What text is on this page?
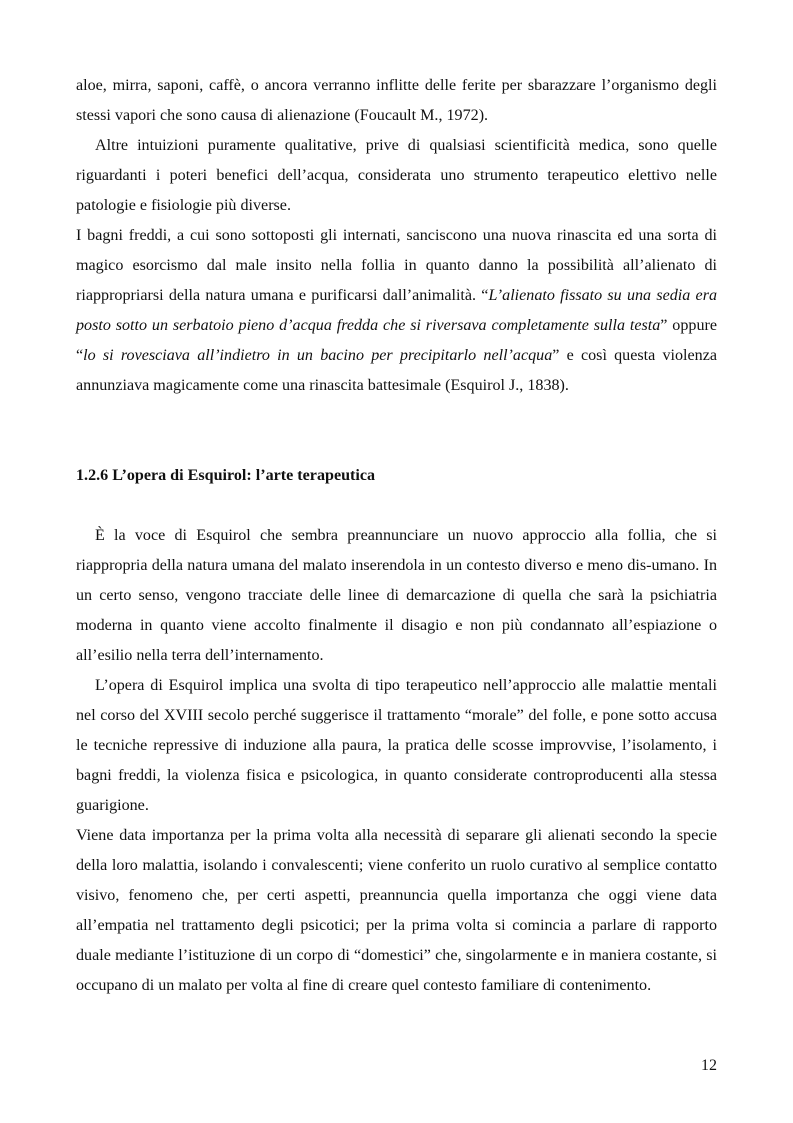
aloe, mirra, saponi, caffè, o ancora verranno inflitte delle ferite per sbarazzare l’organismo degli stessi vapori che sono causa di alienazione (Foucault M., 1972).

Altre intuizioni puramente qualitative, prive di qualsiasi scientificità medica, sono quelle riguardanti i poteri benefici dell’acqua, considerata uno strumento terapeutico elettivo nelle patologie e fisiologie più diverse.

I bagni freddi, a cui sono sottoposti gli internati, sanciscono una nuova rinascita ed una sorta di magico esorcismo dal male insito nella follia in quanto danno la possibilità all’alienato di riappropriarsi della natura umana e purificarsi dall’animalità. “L’alienato fissato su una sedia era posto sotto un serbatoio pieno d’acqua fredda che si riversava completamente sulla testa” oppure “lo si rovesciava all’indietro in un bacino per precipitarlo nell’acqua” e così questa violenza annunziava magicamente come una rinascita battesimale (Esquirol J., 1838).

1.2.6 L’opera di Esquirol: l’arte terapeutica

È la voce di Esquirol che sembra preannunciare un nuovo approccio alla follia, che si riappropria della natura umana del malato inserendola in un contesto diverso e meno dis-umano. In un certo senso, vengono tracciate delle linee di demarcazione di quella che sarà la psichiatria moderna in quanto viene accolto finalmente il disagio e non più condannato all’espiazione o all’esilio nella terra dell’internamento.

L’opera di Esquirol implica una svolta di tipo terapeutico nell’approccio alle malattie mentali nel corso del XVIII secolo perché suggerisce il trattamento “morale” del folle, e pone sotto accusa le tecniche repressive di induzione alla paura, la pratica delle scosse improvvise, l’isolamento, i bagni freddi, la violenza fisica e psicologica, in quanto considerate controproducenti alla stessa guarigione.

Viene data importanza per la prima volta alla necessità di separare gli alienati secondo la specie della loro malattia, isolando i convalescenti; viene conferito un ruolo curativo al semplice contatto visivo, fenomeno che, per certi aspetti, preannuncia quella importanza che oggi viene data all’empatia nel trattamento degli psicotici; per la prima volta si comincia a parlare di rapporto duale mediante l’istituzione di un corpo di “domestici” che, singolarmente e in maniera costante, si occupano di un malato per volta al fine di creare quel contesto familiare di contenimento.

12
